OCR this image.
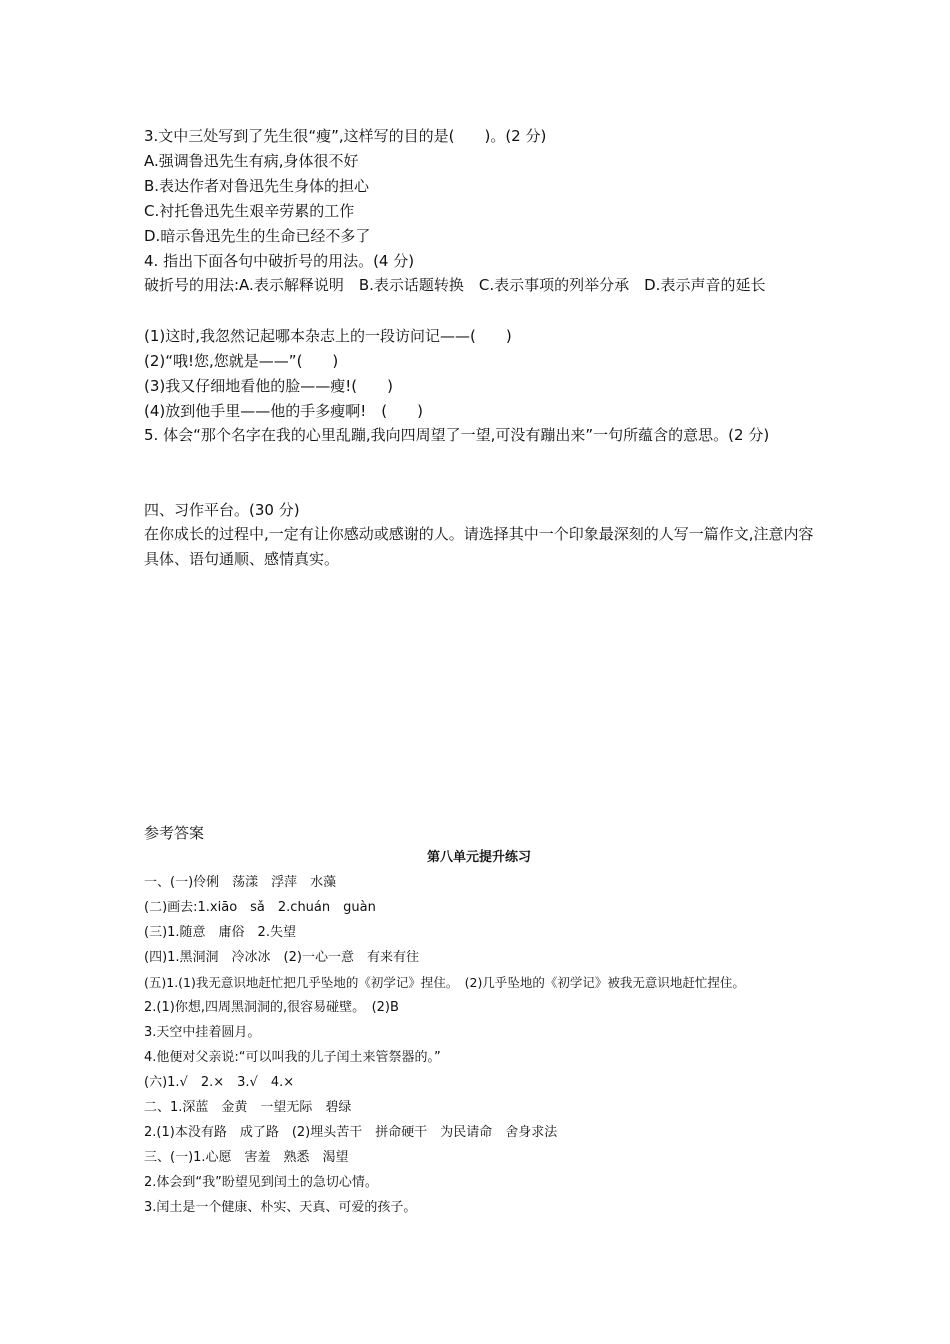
3.文中三处写到了先生很“瘦”,这样写的目的是(　　)。(2 分)
A.强调鲁迅先生有病,身体很不好
B.表达作者对鲁迅先生身体的担心
C.衬托鲁迅先生艰辛劳累的工作
D.暗示鲁迅先生的生命已经不多了
4. 指出下面各句中破折号的用法。(4 分)
破折号的用法:A.表示解释说明　B.表示话题转换　C.表示事项的列举分承　D.表示声音的延长
(1)这时,我忽然记起哪本杂志上的一段访问记——(　　)
(2)“哦!您,您就是——”(　　)
(3)我又仔细地看他的脸——瘦!(　　)
(4)放到他手里——他的手多瘦啊!　(　　)
5. 体会“那个名字在我的心里乱蹦,我向四周望了一望,可没有蹦出来”一句所蕴含的意思。(2 分)
四、习作平台。(30 分)
在你成长的过程中,一定有让你感动或感谢的人。请选择其中一个印象最深刻的人写一篇作文,注意内容具体、语句通顺、感情真实。
参考答案
第八单元提升练习
一、(一)伶俐　荡漾　浮萍　水藻
(二)画去:1.xiāo　sǎ　2.chuán　guàn
(三)1.随意　庸俗　2.失望
(四)1.黑洞洞　冷冰冰　(2)一心一意　有来有往
(五)1.(1)我无意识地赶忙把几乎坠地的《初学记》捏住。　(2)几乎坠地的《初学记》被我无意识地赶忙捏住。
2.(1)你想,四周黑洞洞的,很容易碰壁。　(2)B
3.天空中挂着圆月。
4.他便对父亲说:“可以叫我的儿子闰土来管祭器的。”
(六)1.√　2.×　3.√　4.×
二、1.深蓝　金黄　一望无际　碧绿
2.(1)本没有路　成了路　(2)埋头苦干　拼命硬干　为民请命　舍身求法
三、(一)1.心愿　害羞　熟悉　渴望
2.体会到“我”盼望见到闰土的急切心情。
3.闰土是一个健康、朴实、天真、可爱的孩子。
